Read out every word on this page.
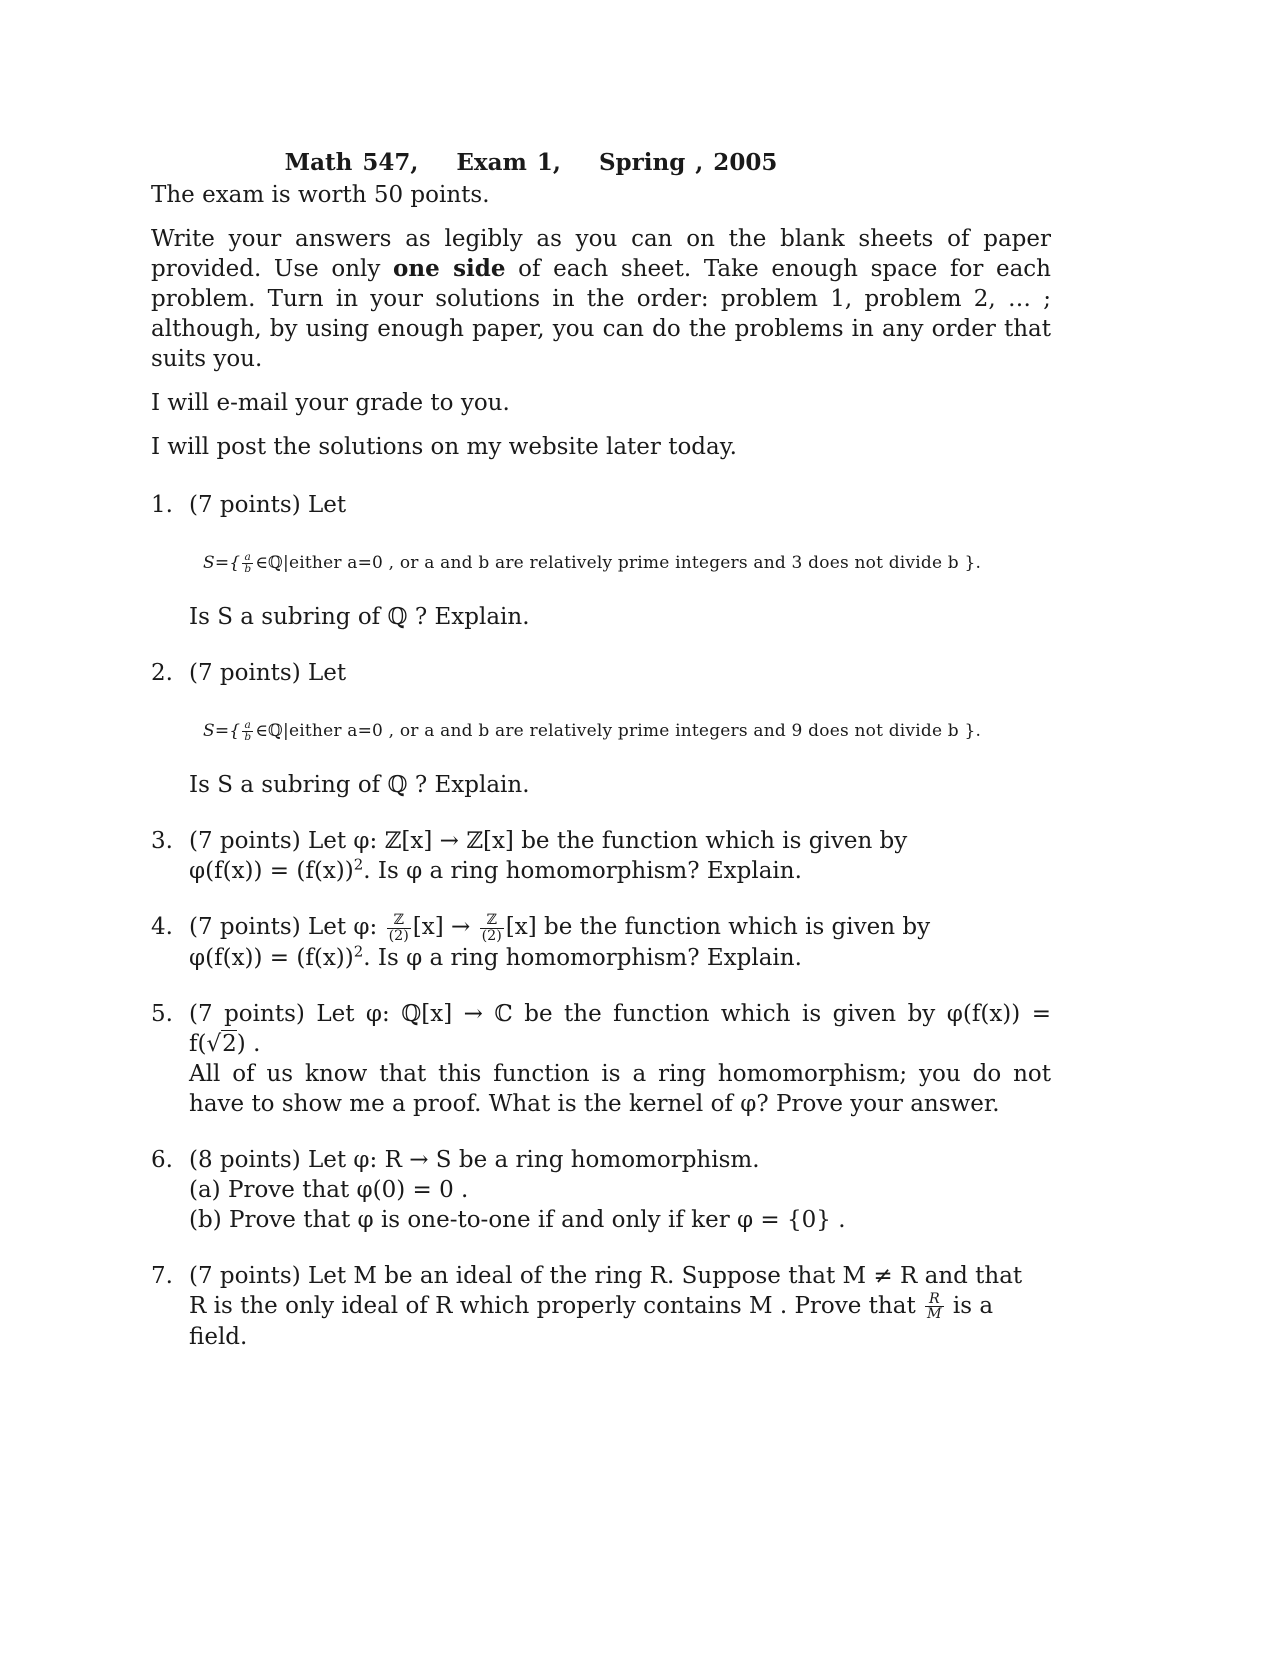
Math 547, Exam 1, Spring , 2005

The exam is worth 50 points.

Write your answers as legibly as you can on the blank sheets of paper provided. Use only one side of each sheet. Take enough space for each problem. Turn in your solutions in the order: problem 1, problem 2, … ; although, by using enough paper, you can do the problems in any order that suits you.

I will e-mail your grade to you.

I will post the solutions on my website later today.

1. (7 points) Let
$S=\{ \frac{a}{b}$ ∈ℚ|either a=0 , or a and b are relatively prime integers and 3 does not divide b }.
Is S a subring of ℚ ? Explain.
2. (7 points) Let
$S=\{ \frac{a}{b}$ ∈ℚ|either a=0 , or a and b are relatively prime integers and 9 does not divide b }.
Is S a subring of ℚ ? Explain.
3. (7 points) Let φ: ℤ[x] → ℤ[x] be the function which is given by
$\varphi(f(x)) = (f(x))^2$. Is φ a ring homomorphism? Explain.
4. (7 points) Let φ: $\frac{\text{ℤ}}{(2)} [x] \to \frac{\text{ℤ}}{(2)} [x]$ be the function which is given by
$\varphi(f(x)) = (f(x))^2$. Is φ a ring homomorphism? Explain.
5. (7 points) Let φ: ℚ[x] → ℂ be the function which is given by φ(f(x)) = f(√2) .
All of us know that this function is a ring homomorphism; you do not have to show me a proof. What is the kernel of φ? Prove your answer.
6. (8 points) Let φ: R → S be a ring homomorphism.
(a) Prove that φ(0) = 0 .
(b) Prove that φ is one-to-one if and only if ker φ = {0} .
7. (7 points) Let M be an ideal of the ring R. Suppose that M ≠ R and that
R is the only ideal of R which properly contains M . Prove that $\frac{R}{M}$ is a field.
